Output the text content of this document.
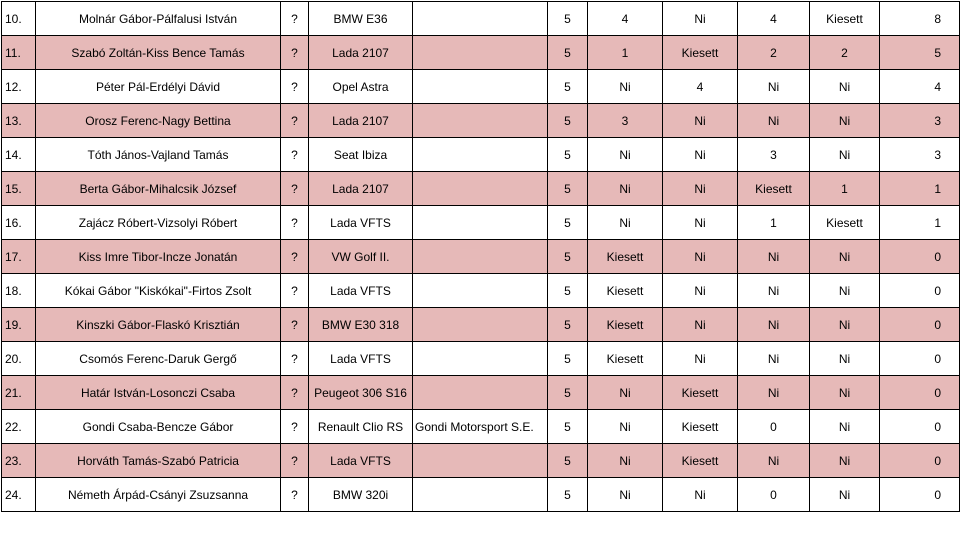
10.	Molnár Gábor-Pálfalusi István	?	BMW E36		5	4	Ni	4	Kiesett	8
11.	Szabó Zoltán-Kiss Bence Tamás	?	Lada 2107		5	1	Kiesett	2	2	5
12.	Péter Pál-Erdélyi Dávid	?	Opel Astra		5	Ni	4	Ni	Ni	4
13.	Orosz Ferenc-Nagy Bettina	?	Lada 2107		5	3	Ni	Ni	Ni	3
14.	Tóth János-Vajland Tamás	?	Seat Ibiza		5	Ni	Ni	3	Ni	3
15.	Berta Gábor-Mihalcsik József	?	Lada 2107		5	Ni	Ni	Kiesett	1	1
16.	Zajácz Róbert-Vizsolyi Róbert	?	Lada VFTS		5	Ni	Ni	1	Kiesett	1
17.	Kiss Imre Tibor-Incze Jonatán	?	VW Golf II.		5	Kiesett	Ni	Ni	Ni	0
18.	Kókai Gábor "Kiskókai"-Firtos Zsolt	?	Lada VFTS		5	Kiesett	Ni	Ni	Ni	0
19.	Kinszki Gábor-Flaskó Krisztián	?	BMW E30 318		5	Kiesett	Ni	Ni	Ni	0
20.	Csomós Ferenc-Daruk Gergő	?	Lada VFTS		5	Kiesett	Ni	Ni	Ni	0
21.	Határ István-Losonczi Csaba	?	Peugeot 306 S16		5	Ni	Kiesett	Ni	Ni	0
22.	Gondi Csaba-Bencze Gábor	?	Renault Clio RS	Gondi Motorsport S.E.	5	Ni	Kiesett	0	Ni	0
23.	Horváth Tamás-Szabó Patricia	?	Lada VFTS		5	Ni	Kiesett	Ni	Ni	0
24.	Németh Árpád-Csányi Zsuzsanna	?	BMW 320i		5	Ni	Ni	0	Ni	0
